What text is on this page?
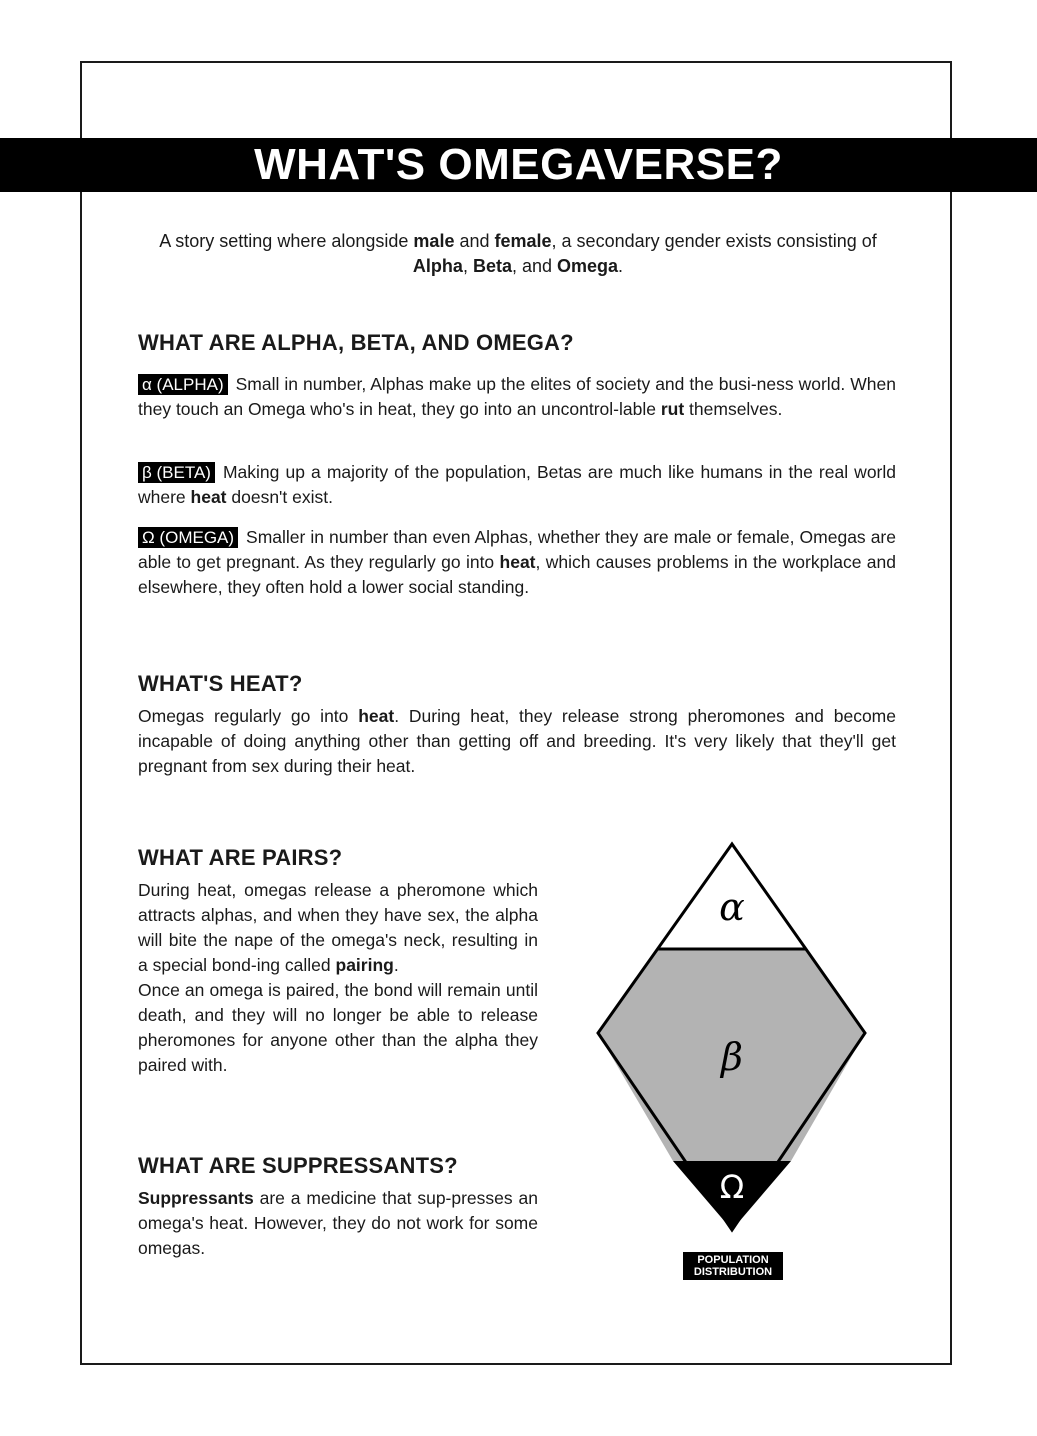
WHAT'S OMEGAVERSE?
A story setting where alongside male and female, a secondary gender exists consisting of Alpha, Beta, and Omega.
WHAT ARE ALPHA, BETA, AND OMEGA?
α (ALPHA) Small in number, Alphas make up the elites of society and the busi-ness world. When they touch an Omega who's in heat, they go into an uncontrol-lable rut themselves.
β (BETA) Making up a majority of the population, Betas are much like humans in the real world where heat doesn't exist.
Ω (OMEGA) Smaller in number than even Alphas, whether they are male or female, Omegas are able to get pregnant. As they regularly go into heat, which causes problems in the workplace and elsewhere, they often hold a lower social standing.
WHAT'S HEAT?
Omegas regularly go into heat. During heat, they release strong pheromones and become incapable of doing anything other than getting off and breeding. It's very likely that they'll get pregnant from sex during their heat.
WHAT ARE PAIRS?
During heat, omegas release a pheromone which attracts alphas, and when they have sex, the alpha will bite the nape of the omega's neck, resulting in a special bond-ing called pairing.
Once an omega is paired, the bond will remain until death, and they will no longer be able to release pheromones for anyone other than the alpha they paired with.
WHAT ARE SUPPRESSANTS?
Suppressants are a medicine that sup-presses an omega's heat. However, they do not work for some omegas.
α
β
Ω
POPULATION
DISTRIBUTION
